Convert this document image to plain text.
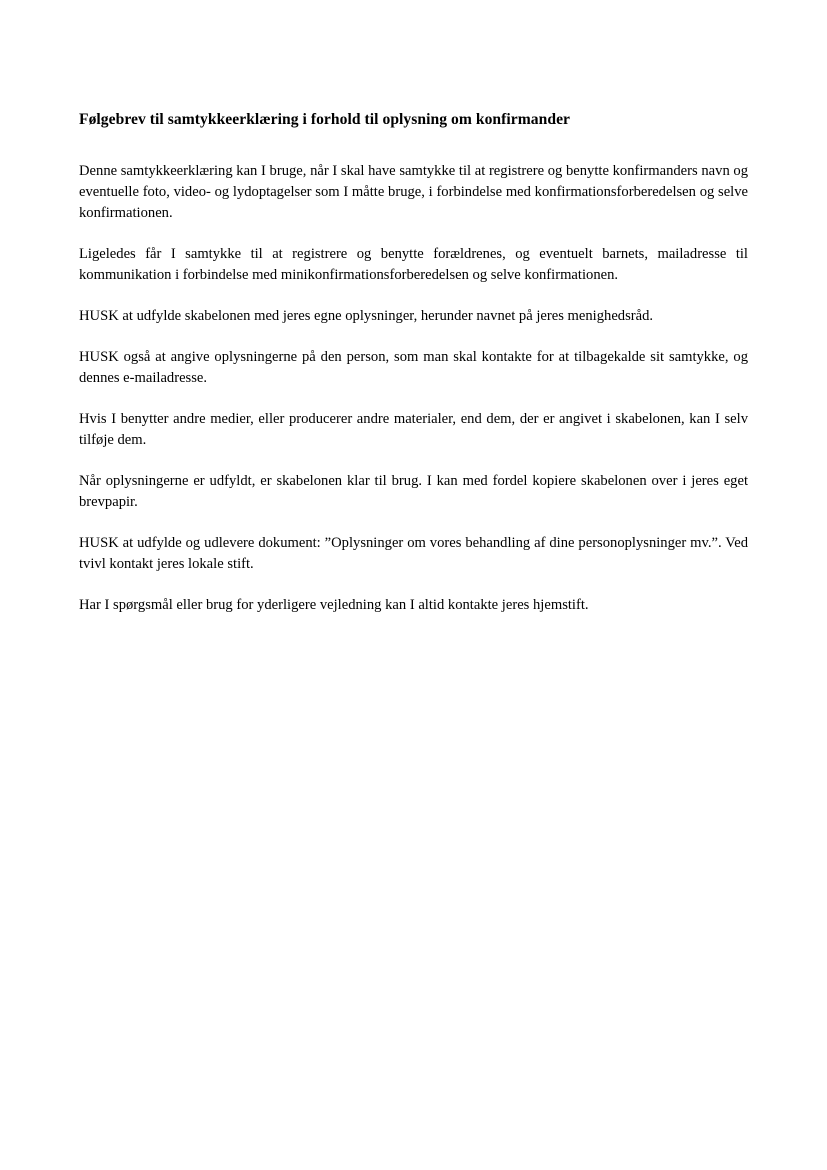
Følgebrev til samtykkeerklæring i forhold til oplysning om konfirmander

Denne samtykkeerklæring kan I bruge, når I skal have samtykke til at registrere og benytte konfirmanders navn og eventuelle foto, video- og lydoptagelser som I måtte bruge, i forbindelse med konfirmationsforberedelsen og selve konfirmationen.

Ligeledes får I samtykke til at registrere og benytte forældrenes, og eventuelt barnets, mailadresse til kommunikation i forbindelse med minikonfirmationsforberedelsen og selve konfirmationen.

HUSK at udfylde skabelonen med jeres egne oplysninger, herunder navnet på jeres menighedsråd.

HUSK også at angive oplysningerne på den person, som man skal kontakte for at tilbagekalde sit samtykke, og dennes e-mailadresse.

Hvis I benytter andre medier, eller producerer andre materialer, end dem, der er angivet i skabelonen, kan I selv tilføje dem.

Når oplysningerne er udfyldt, er skabelonen klar til brug. I kan med fordel kopiere skabelonen over i jeres eget brevpapir.

HUSK at udfylde og udlevere dokument: ”Oplysninger om vores behandling af dine personoplysninger mv.”. Ved tvivl kontakt jeres lokale stift.

Har I spørgsmål eller brug for yderligere vejledning kan I altid kontakte jeres hjemstift.
